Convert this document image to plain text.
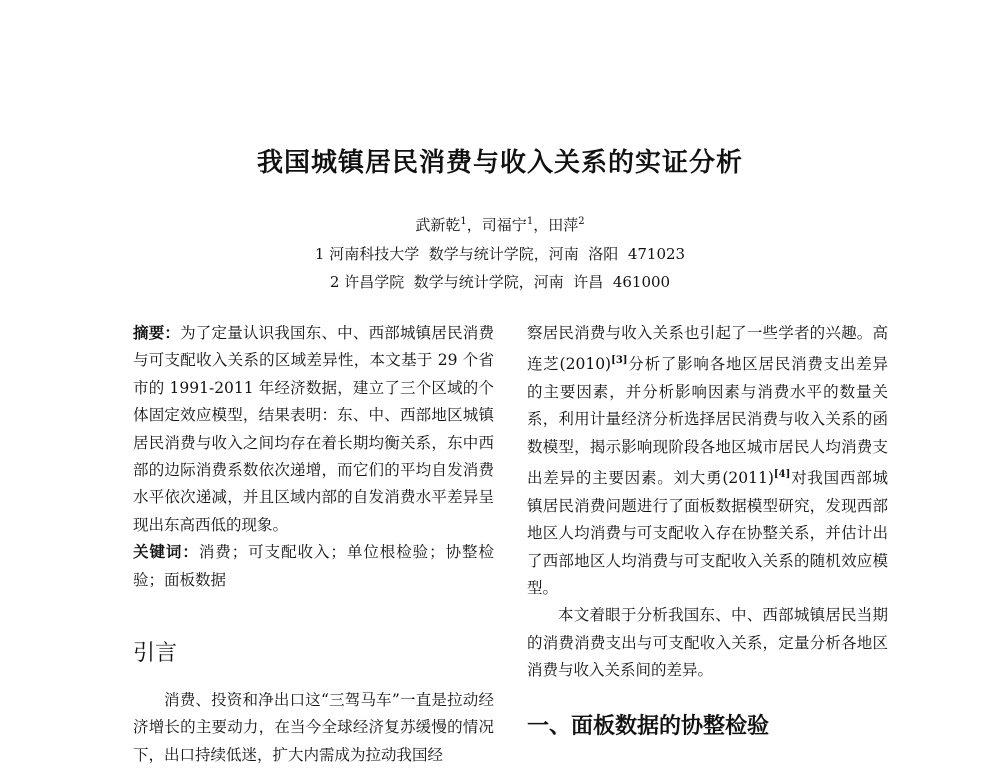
我国城镇居民消费与收入关系的实证分析
武新乾$^1$，司福宁$^1$，田萍$^2$
1 河南科技大学  数学与统计学院，河南  洛阳  471023
2 许昌学院  数学与统计学院，河南  许昌  461000

摘要：为了定量认识我国东、中、西部城镇居民消费与可支配收入关系的区域差异性，本文基于 29 个省市的 1991-2011 年经济数据，建立了三个区域的个体固定效应模型，结果表明：东、中、西部地区城镇居民消费与收入之间均存在着长期均衡关系，东中西部的边际消费系数依次递增，而它们的平均自发消费水平依次递减，并且区域内部的自发消费水平差异呈现出东高西低的现象。

关键词：消费；可支配收入；单位根检验；协整检验；面板数据

引言

消费、投资和净出口这“三驾马车”一直是拉动经济增长的主要动力，在当今全球经济复苏缓慢的情况下，出口持续低迷，扩大内需成为拉动我国经

察居民消费与收入关系也引起了一些学者的兴趣。高连芝(2010)[3]分析了影响各地区居民消费支出差异的主要因素，并分析影响因素与消费水平的数量关系，利用计量经济分析选择居民消费与收入关系的函数模型，揭示影响现阶段各地区城市居民人均消费支出差异的主要因素。刘大勇(2011)[4]对我国西部城镇居民消费问题进行了面板数据模型研究，发现西部地区人均消费与可支配收入存在协整关系，并估计出了西部地区人均消费与可支配收入关系的随机效应模型。

本文着眼于分析我国东、中、西部城镇居民当期的消费消费支出与可支配收入关系，定量分析各地区消费与收入关系间的差异。

一、面板数据的协整检验
